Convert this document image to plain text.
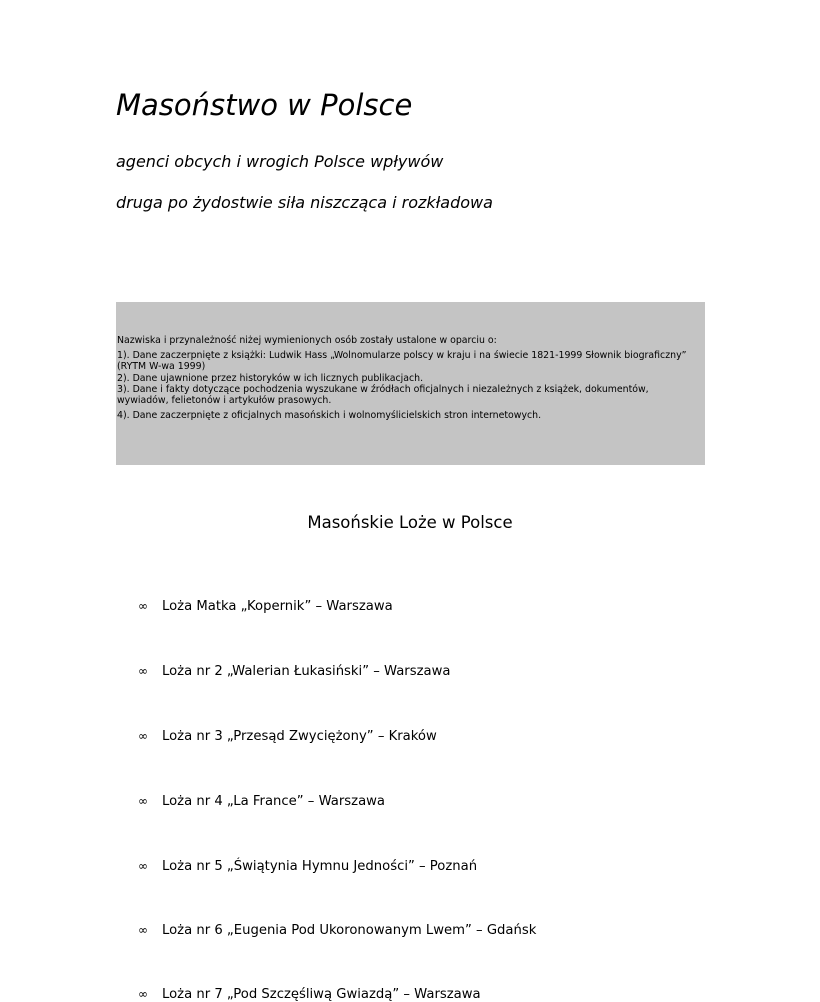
Masoństwo w Polsce

agenci obcych i wrogich Polsce wpływów

druga po żydostwie siła niszcząca i rozkładowa

Nazwiska i przynależność niżej wymienionych osób zostały ustalone w oparciu o:

1). Dane zaczerpnięte z książki: Ludwik Hass „Wolnomularze polscy w kraju i na świecie 1821-1999 Słownik biograficzny” (RYTM W-wa 1999)

2). Dane ujawnione przez historyków w ich licznych publikacjach.

3). Dane i fakty dotyczące pochodzenia wyszukane w źródłach oficjalnych i niezależnych z książek, dokumentów, wywiadów, felietonów i artykułów prasowych.

4). Dane zaczerpnięte z oficjalnych masońskich i wolnomyślicielskich stron internetowych.

Masońskie Loże w Polsce
∞ Loża Matka „Kopernik” – Warszawa
∞ Loża nr 2 „Walerian Łukasiński” – Warszawa
∞ Loża nr 3 „Przesąd Zwyciężony” – Kraków
∞ Loża nr 4 „La France” – Warszawa
∞ Loża nr 5 „Świątynia Hymnu Jedności” – Poznań
∞ Loża nr 6 „Eugenia Pod Ukoronowanym Lwem” – Gdańsk
∞ Loża nr 7 „Pod Szczęśliwą Gwiazdą” – Warszawa
